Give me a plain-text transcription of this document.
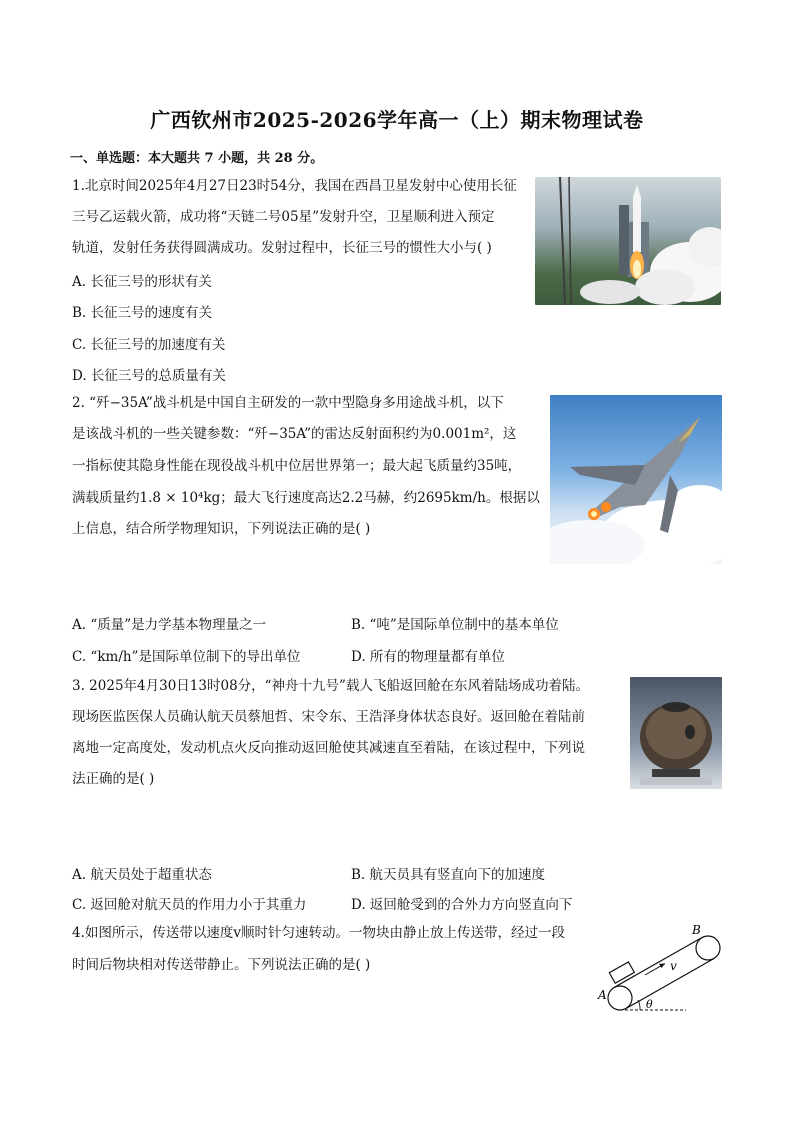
广西钦州市2025-2026学年高一（上）期末物理试卷
一、单选题：本大题共 7 小题，共 28 分。
1.北京时间2025年4月27日23时54分，我国在西昌卫星发射中心使用长征
三号乙运载火箭，成功将“天链二号05星”发射升空，卫星顺利进入预定
轨道，发射任务获得圆满成功。发射过程中，长征三号的惯性大小与( )
A. 长征三号的形状有关
B. 长征三号的速度有关
C. 长征三号的加速度有关
D. 长征三号的总质量有关
2. “歼−35A”战斗机是中国自主研发的一款中型隐身多用途战斗机，以下
是该战斗机的一些关键参数：“歼−35A”的雷达反射面积约为0.001m²，这
一指标使其隐身性能在现役战斗机中位居世界第一；最大起飞质量约35吨，
满载质量约1.8 × 10⁴kg；最大飞行速度高达2.2马赫，约2695km/h。根据以
上信息，结合所学物理知识，下列说法正确的是( )
A. “质量”是力学基本物理量之一	B. “吨”是国际单位制中的基本单位
C. “km/h”是国际单位制下的导出单位	D. 所有的物理量都有单位
3. 2025年4月30日13时08分，“神舟十九号”载人飞船返回舱在东风着陆场成功着陆。
现场医监医保人员确认航天员蔡旭哲、宋令东、王浩泽身体状态良好。返回舱在着陆前
离地一定高度处，发动机点火反向推动返回舱使其减速直至着陆，在该过程中，下列说
法正确的是( )
A. 航天员处于超重状态	B. 航天员具有竖直向下的加速度
C. 返回舱对航天员的作用力小于其重力	D. 返回舱受到的合外力方向竖直向下
4.如图所示，传送带以速度v顺时针匀速转动。一物块由静止放上传送带，经过一段
时间后物块相对传送带静止。下列说法正确的是( )	v
B
A
θ
